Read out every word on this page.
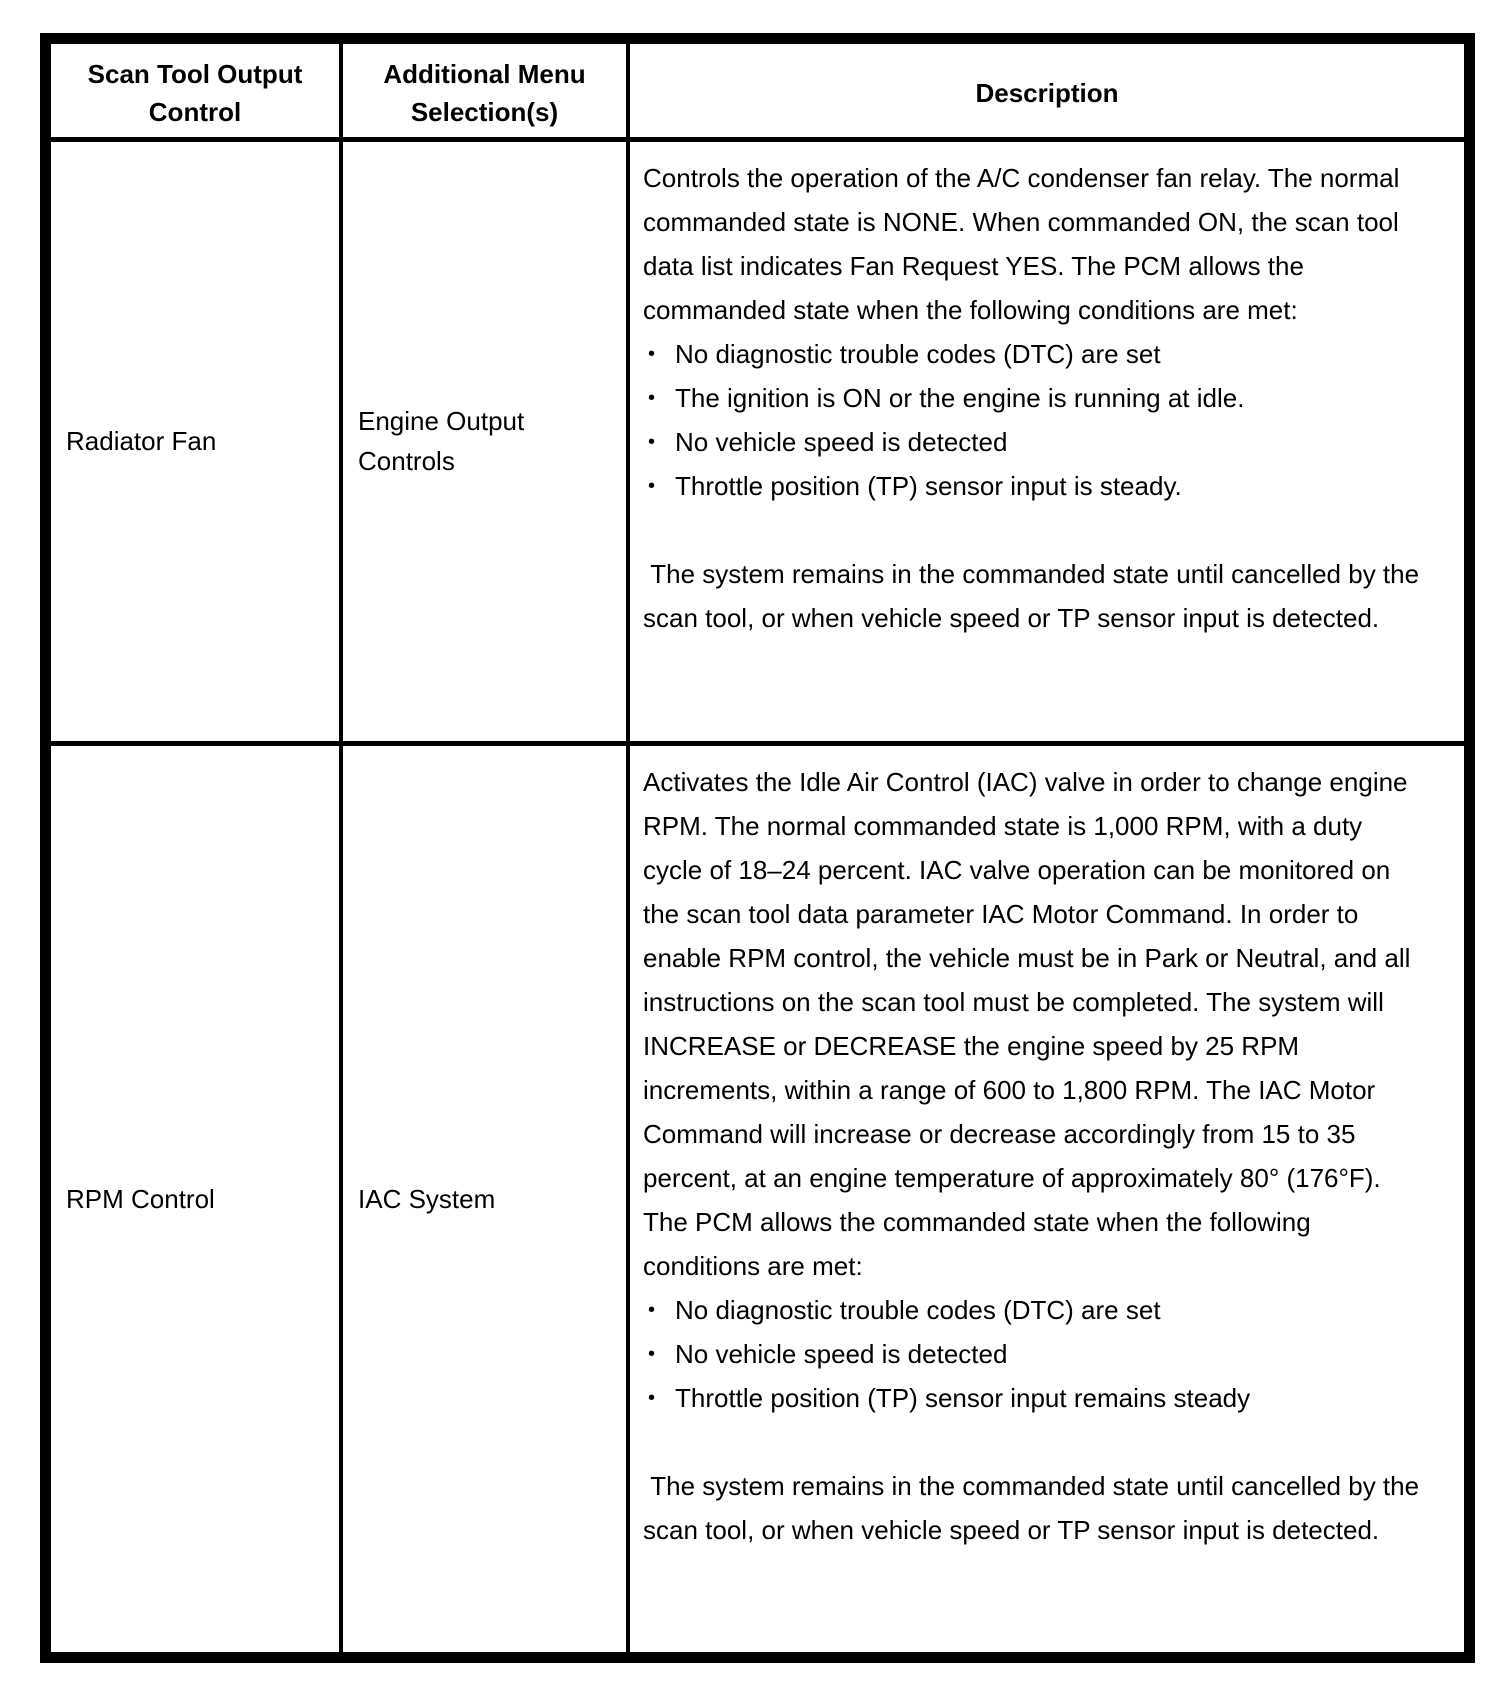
Scan Tool Output Control	Additional Menu Selection(s)	Description
Radiator Fan	Engine Output Controls	
Controls the operation of the A/C condenser fan relay. The normal commanded state is NONE. When commanded ON, the scan tool data list indicates Fan Request YES. The PCM allows the commanded state when the following conditions are met:
• No diagnostic trouble codes (DTC) are set
• The ignition is ON or the engine is running at idle.
• No vehicle speed is detected
• Throttle position (TP) sensor input is steady.
The system remains in the commanded state until cancelled by the scan tool, or when vehicle speed or TP sensor input is detected.

RPM Control	IAC System	
Activates the Idle Air Control (IAC) valve in order to change engine RPM. The normal commanded state is 1,000 RPM, with a duty cycle of 18–24 percent. IAC valve operation can be monitored on the scan tool data parameter IAC Motor Command. In order to enable RPM control, the vehicle must be in Park or Neutral, and all instructions on the scan tool must be completed. The system will INCREASE or DECREASE the engine speed by 25 RPM increments, within a range of 600 to 1,800 RPM. The IAC Motor Command will increase or decrease accordingly from 15 to 35 percent, at an engine temperature of approximately 80° (176°F). The PCM allows the commanded state when the following conditions are met:
• No diagnostic trouble codes (DTC) are set
• No vehicle speed is detected
• Throttle position (TP) sensor input remains steady
The system remains in the commanded state until cancelled by the scan tool, or when vehicle speed or TP sensor input is detected.
